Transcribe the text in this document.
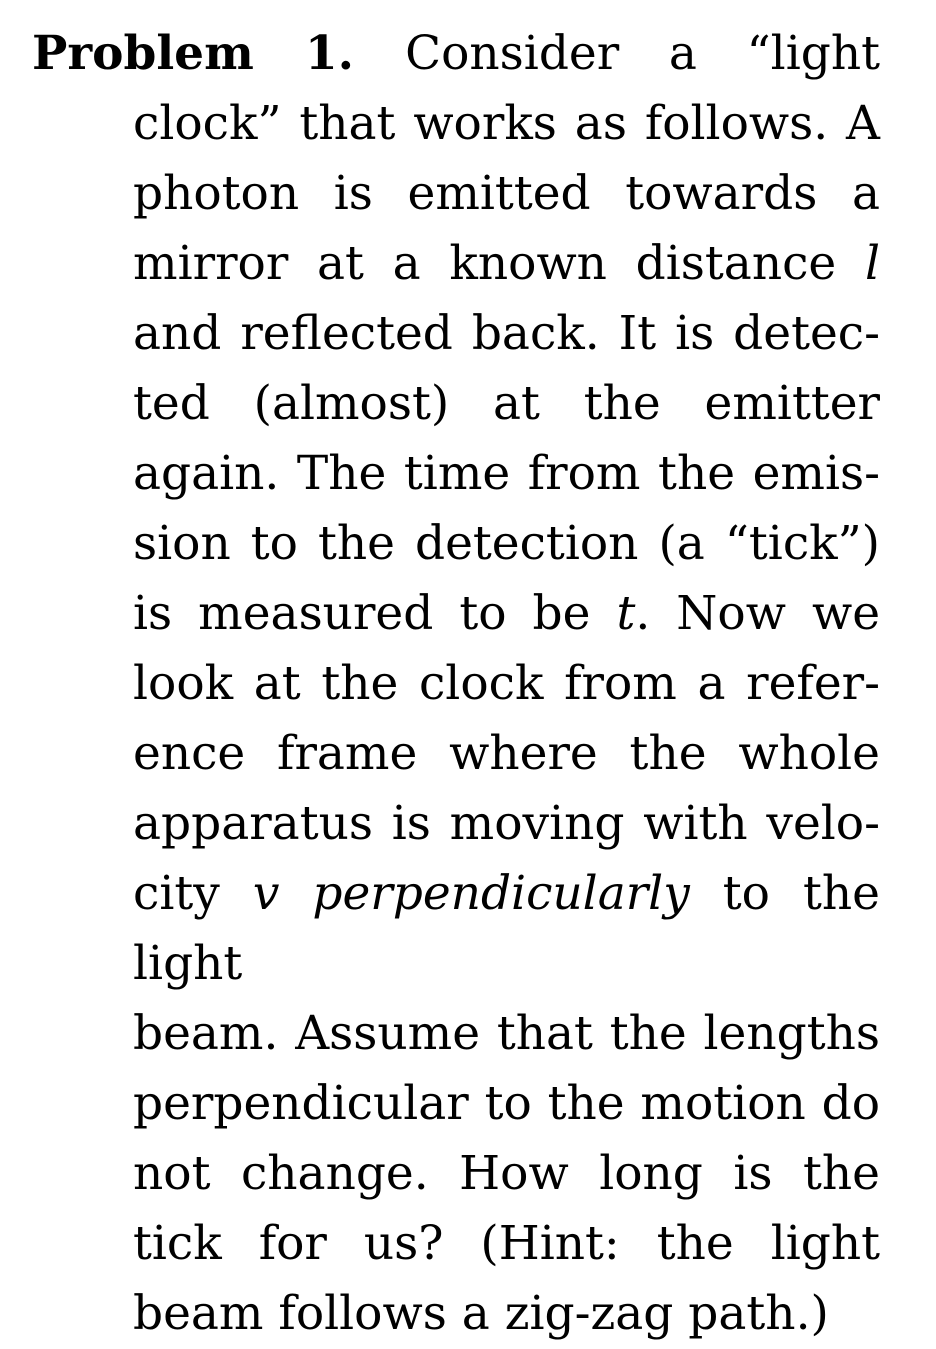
Problem 1. Consider a “light
clock” that works as follows. A
photon is emitted towards a
mirror at a known distance l
and reflected back. It is detec-
ted (almost) at the emitter
again. The time from the emis-
sion to the detection (a “tick”)
is measured to be t. Now we
look at the clock from a refer-
ence frame where the whole
apparatus is moving with velo-
city v perpendicularly to the light
beam. Assume that the lengths
perpendicular to the motion do
not change. How long is the
tick for us? (Hint: the light
beam follows a zig-zag path.)
